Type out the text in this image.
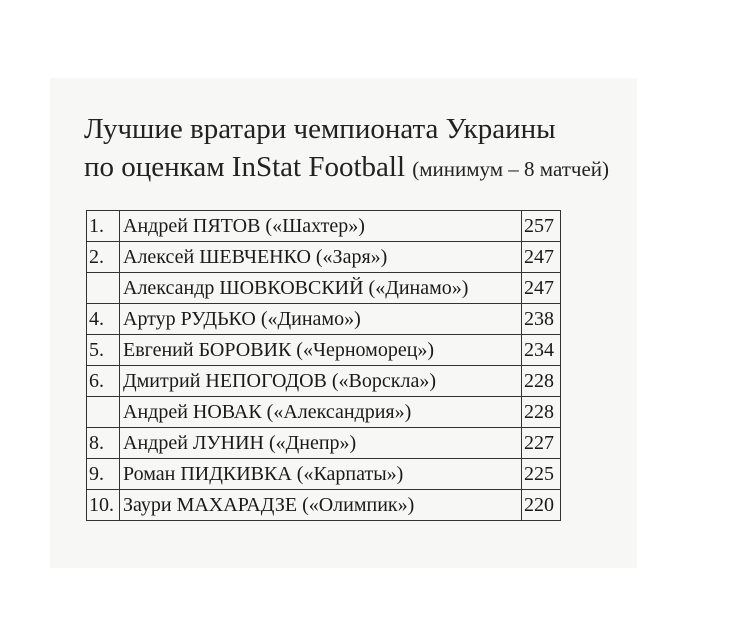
Лучшие вратари чемпионата Украины
по оценкам InStat Football (минимум – 8 матчей)
1.	Андрей ПЯТОВ («Шахтер»)	257
2.	Алексей ШЕВЧЕНКО («Заря»)	247
	Александр ШОВКОВСКИЙ («Динамо»)	247
4.	Артур РУДЬКО («Динамо»)	238
5.	Евгений БОРОВИК («Черноморец»)	234
6.	Дмитрий НЕПОГОДОВ («Ворскла»)	228
	Андрей НОВАК («Александрия»)	228
8.	Андрей ЛУНИН («Днепр»)	227
9.	Роман ПИДКИВКА («Карпаты»)	225
10.	Заури МАХАРАДЗЕ («Олимпик»)	220
